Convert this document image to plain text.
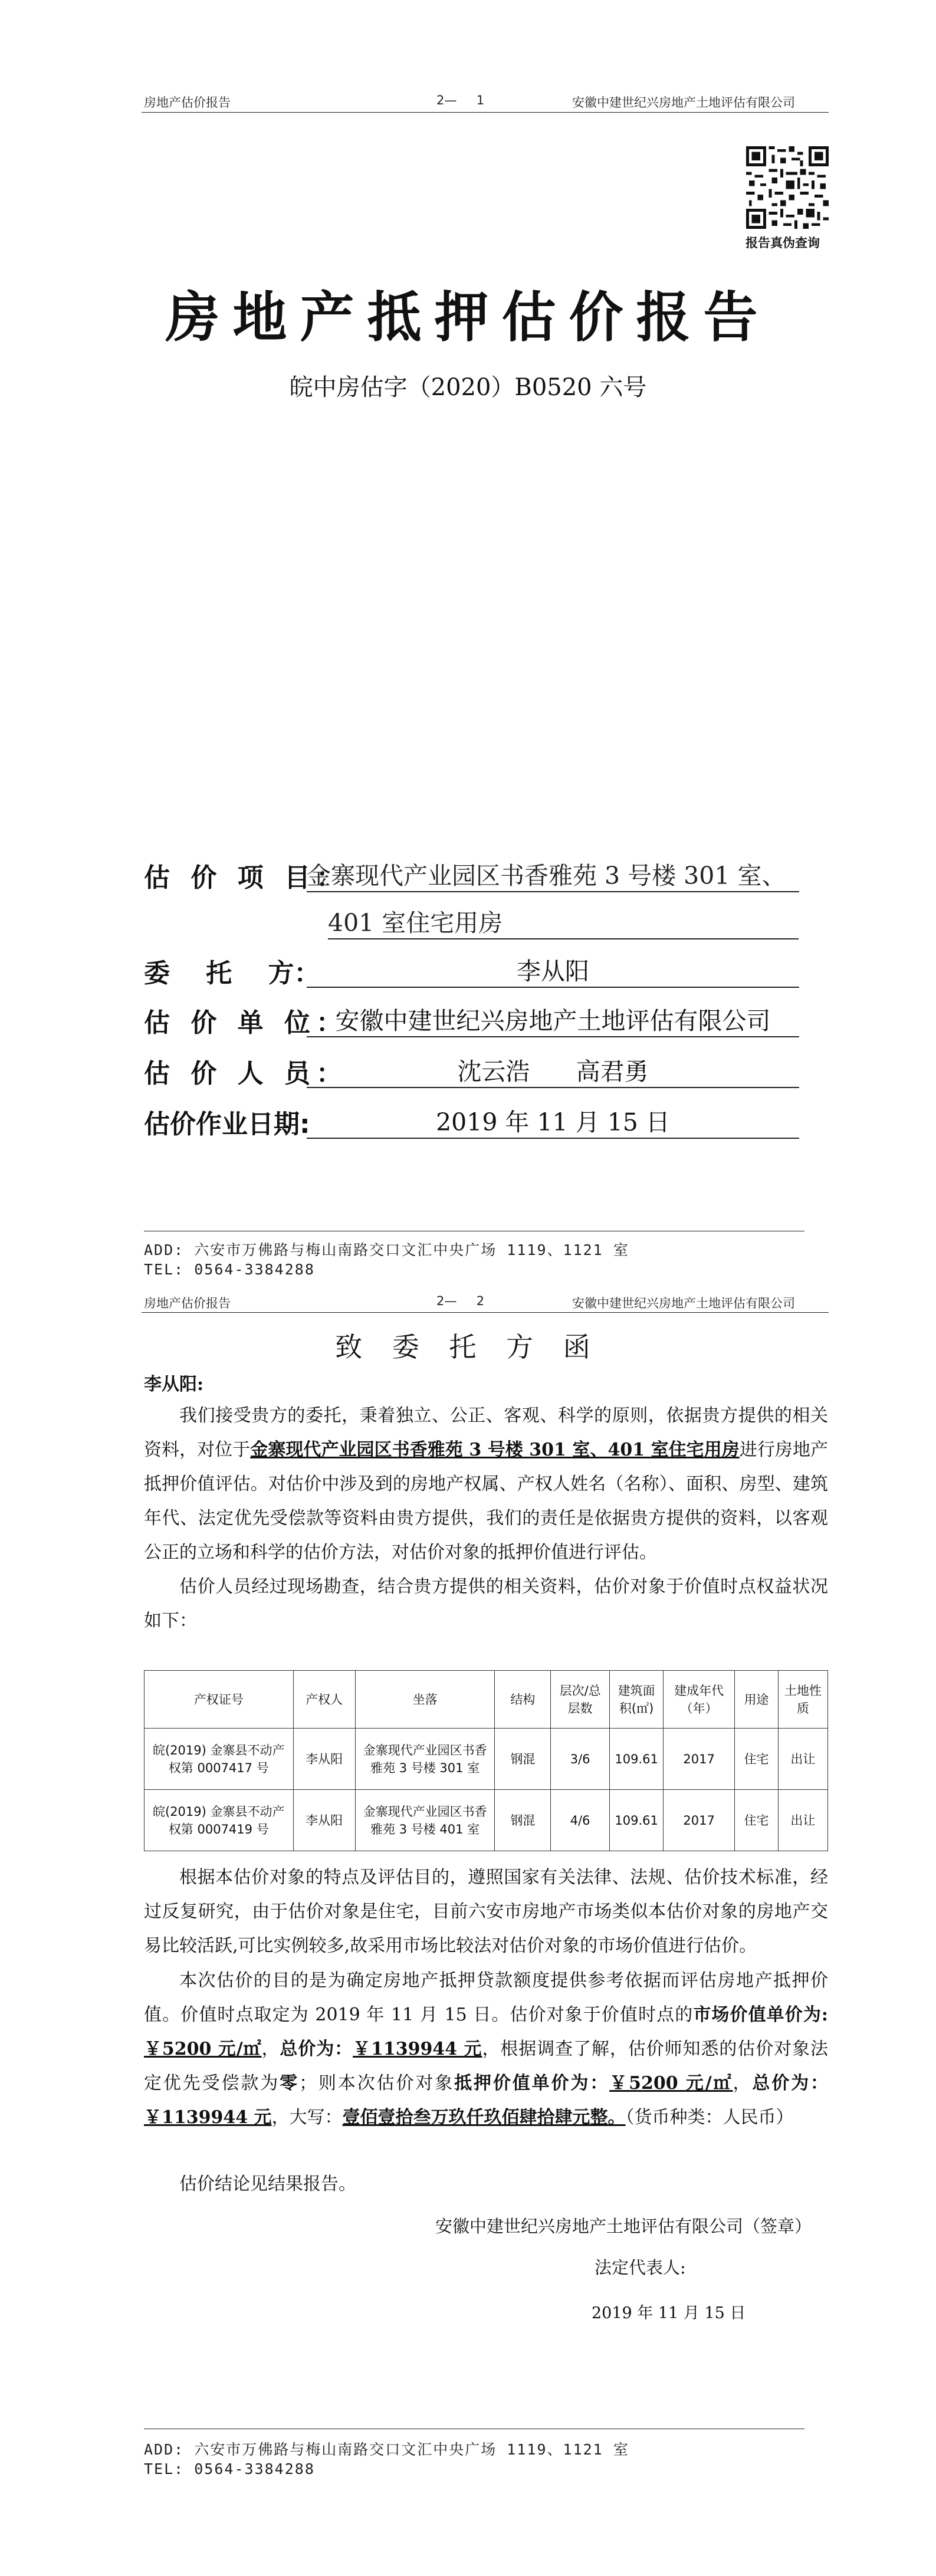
房地产估价报告	2—     1	安徽中建世纪兴房地产土地评估有限公司
报告真伪查询
房地产抵押估价报告
皖中房估字（2020）B0520 六号
估 价 项 目：
金寨现代产业园区书香雅苑 3 号楼 301 室、
401 室住宅用房
委    托    方：	李从阳
估 价 单 位：
安徽中建世纪兴房地产土地评估有限公司
估 价 人 员：	沈云浩      高君勇
估价作业日期:	2019 年 11 月 15 日
ADD: 六安市万佛路与梅山南路交口文汇中央广场 1119、1121 室
TEL: 0564-3384288
房地产估价报告	2—     2	安徽中建世纪兴房地产土地评估有限公司
致 委 托 方 函
李从阳:
我们接受贵方的委托，秉着独立、公正、客观、科学的原则，依据贵方提供的相关资料，对位于金寨现代产业园区书香雅苑 3 号楼 301 室、401 室住宅用房进行房地产抵押价值评估。对估价中涉及到的房地产权属、产权人姓名（名称）、面积、房型、建筑年代、法定优先受偿款等资料由贵方提供，我们的责任是依据贵方提供的资料，以客观公正的立场和科学的估价方法，对估价对象的抵押价值进行评估。
估价人员经过现场勘查，结合贵方提供的相关资料，估价对象于价值时点权益状况如下：
产权证号	产权人	坐落	结构	层次/总层数	建筑面积(㎡)	建成年代（年）	用途	土地性质
皖(2019) 金寨县不动产权第 0007417 号	李从阳	金寨现代产业园区书香雅苑 3 号楼 301 室	钢混	3/6	109.61	2017	住宅	出让
皖(2019) 金寨县不动产权第 0007419 号	李从阳	金寨现代产业园区书香雅苑 3 号楼 401 室	钢混	4/6	109.61	2017	住宅	出让
根据本估价对象的特点及评估目的，遵照国家有关法律、法规、估价技术标准，经过反复研究，由于估价对象是住宅，目前六安市房地产市场类似本估价对象的房地产交易比较活跃,可比实例较多,故采用市场比较法对估价对象的市场价值进行估价。
本次估价的目的是为确定房地产抵押贷款额度提供参考依据而评估房地产抵押价值。价值时点取定为 2019 年 11 月 15 日。估价对象于价值时点的市场价值单价为:￥5200 元/㎡，总价为：￥1139944 元，根据调查了解，估价师知悉的估价对象法定优先受偿款为零；则本次估价对象抵押价值单价为：￥5200 元/㎡，总价为：￥1139944 元，大写：壹佰壹拾叁万玖仟玖佰肆拾肆元整。（货币种类：人民币）
估价结论见结果报告。
安徽中建世纪兴房地产土地评估有限公司（签章）
法定代表人:
2019 年 11 月 15 日
ADD: 六安市万佛路与梅山南路交口文汇中央广场 1119、1121 室
TEL: 0564-3384288
